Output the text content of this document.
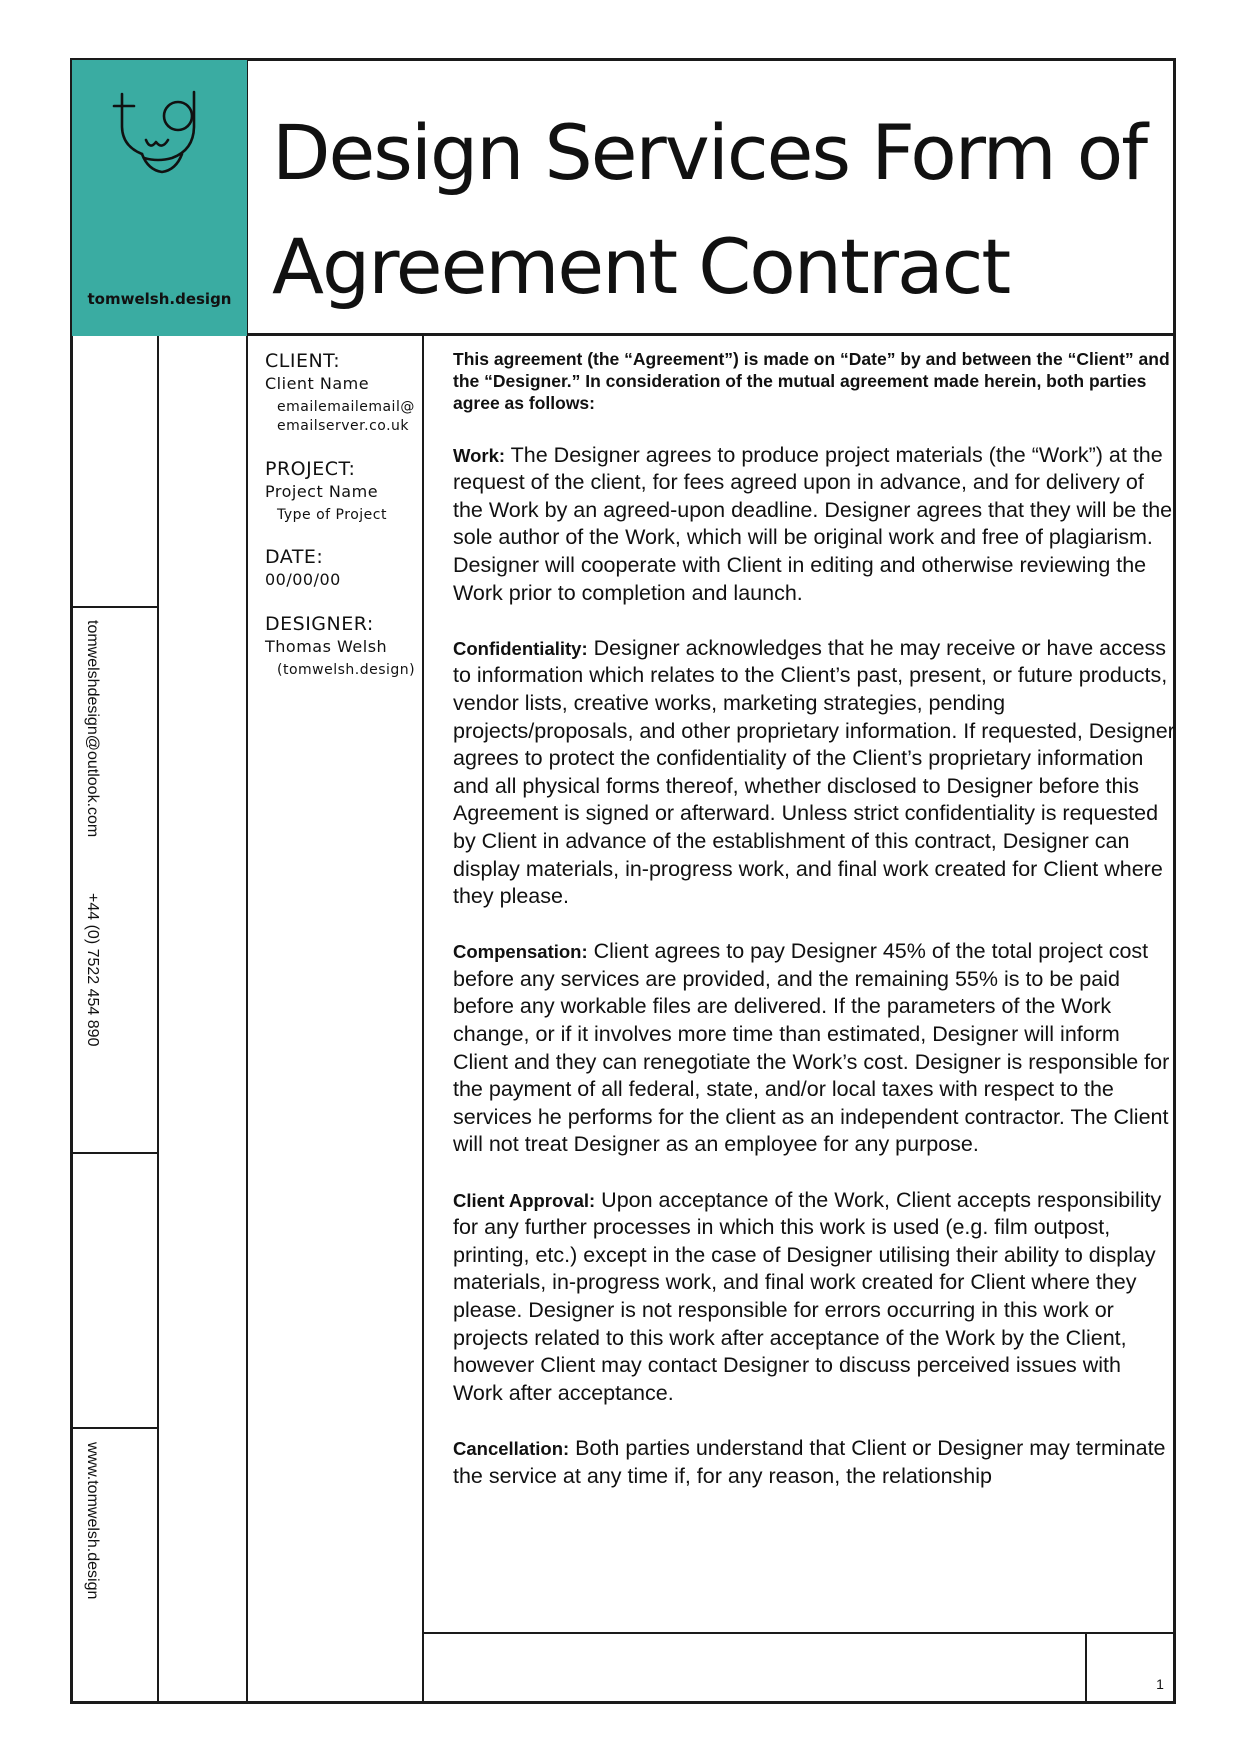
tomwelsh.design
Design Services Form of Agreement Contract
tomwelshdesign@outlook.com
+44 (0) 7522 454 890
www.tomwelsh.design
CLIENT:
Client Name
emailemailemail@
emailserver.co.uk
PROJECT:
Project Name
Type of Project
DATE:
00/00/00
DESIGNER:
Thomas Welsh
(tomwelsh.design)

This agreement (the “Agreement”) is made on “Date” by and between the “Client” and the “Designer.” In consideration of the mutual agreement made herein, both parties agree as follows:

Work: The Designer agrees to produce project materials (the “Work”) at the request of the client, for fees agreed upon in advance, and for delivery of the Work by an agreed-upon deadline. Designer agrees that they will be the sole author of the Work, which will be original work and free of plagiarism. Designer will cooperate with Client in editing and otherwise reviewing the Work prior to completion and launch.

Confidentiality: Designer acknowledges that he may receive or have access to information which relates to the Client’s past, present, or future products, vendor lists, creative works, marketing strategies, pending projects/proposals, and other proprietary information. If requested, Designer agrees to protect the confidentiality of the Client’s proprietary information and all physical forms thereof, whether disclosed to Designer before this Agreement is signed or afterward. Unless strict confidentiality is requested by Client in advance of the establishment of this contract, Designer can display materials, in-progress work, and final work created for Client where they please.

Compensation: Client agrees to pay Designer 45% of the total project cost before any services are provided, and the remaining 55% is to be paid before any workable files are delivered. If the parameters of the Work change, or if it involves more time than estimated, Designer will inform Client and they can renegotiate the Work’s cost. Designer is responsible for the payment of all federal, state, and/or local taxes with respect to the services he performs for the client as an independent contractor. The Client will not treat Designer as an employee for any purpose.

Client Approval: Upon acceptance of the Work, Client accepts responsibility for any further processes in which this work is used (e.g. film outpost, printing, etc.) except in the case of Designer utilising their ability to display materials, in-progress work, and final work created for Client where they please. Designer is not responsible for errors occurring in this work or projects related to this work after acceptance of the Work by the Client, however Client may contact Designer to discuss perceived issues with Work after acceptance.

Cancellation: Both parties understand that Client or Designer may terminate the service at any time if, for any reason, the relationship

1
